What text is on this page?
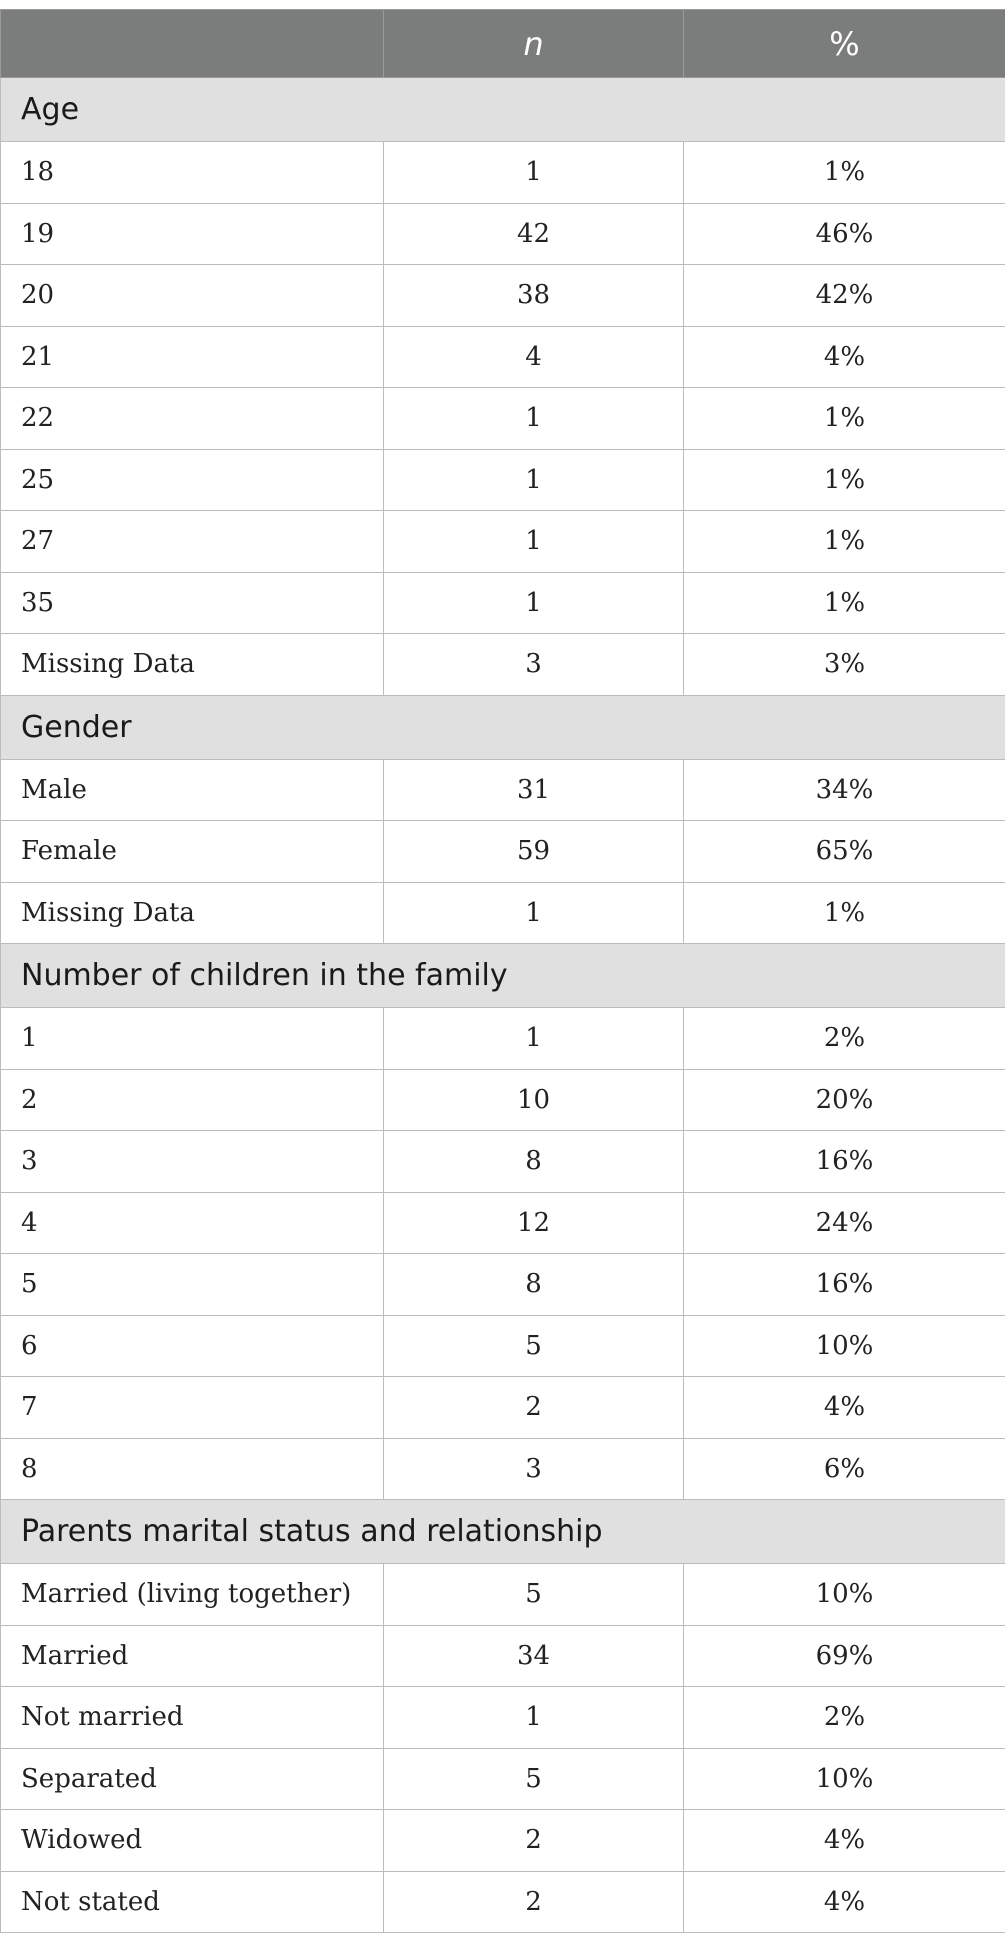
	n	%
Age		
18	1	1%
19	42	46%
20	38	42%
21	4	4%
22	1	1%
25	1	1%
27	1	1%
35	1	1%
Missing Data	3	3%
Gender		
Male	31	34%
Female	59	65%
Missing Data	1	1%
Number of children in the family		
1	1	2%
2	10	20%
3	8	16%
4	12	24%
5	8	16%
6	5	10%
7	2	4%
8	3	6%
Parents marital status and relationship		
Married (living together)	5	10%
Married	34	69%
Not married	1	2%
Separated	5	10%
Widowed	2	4%
Not stated	2	4%
